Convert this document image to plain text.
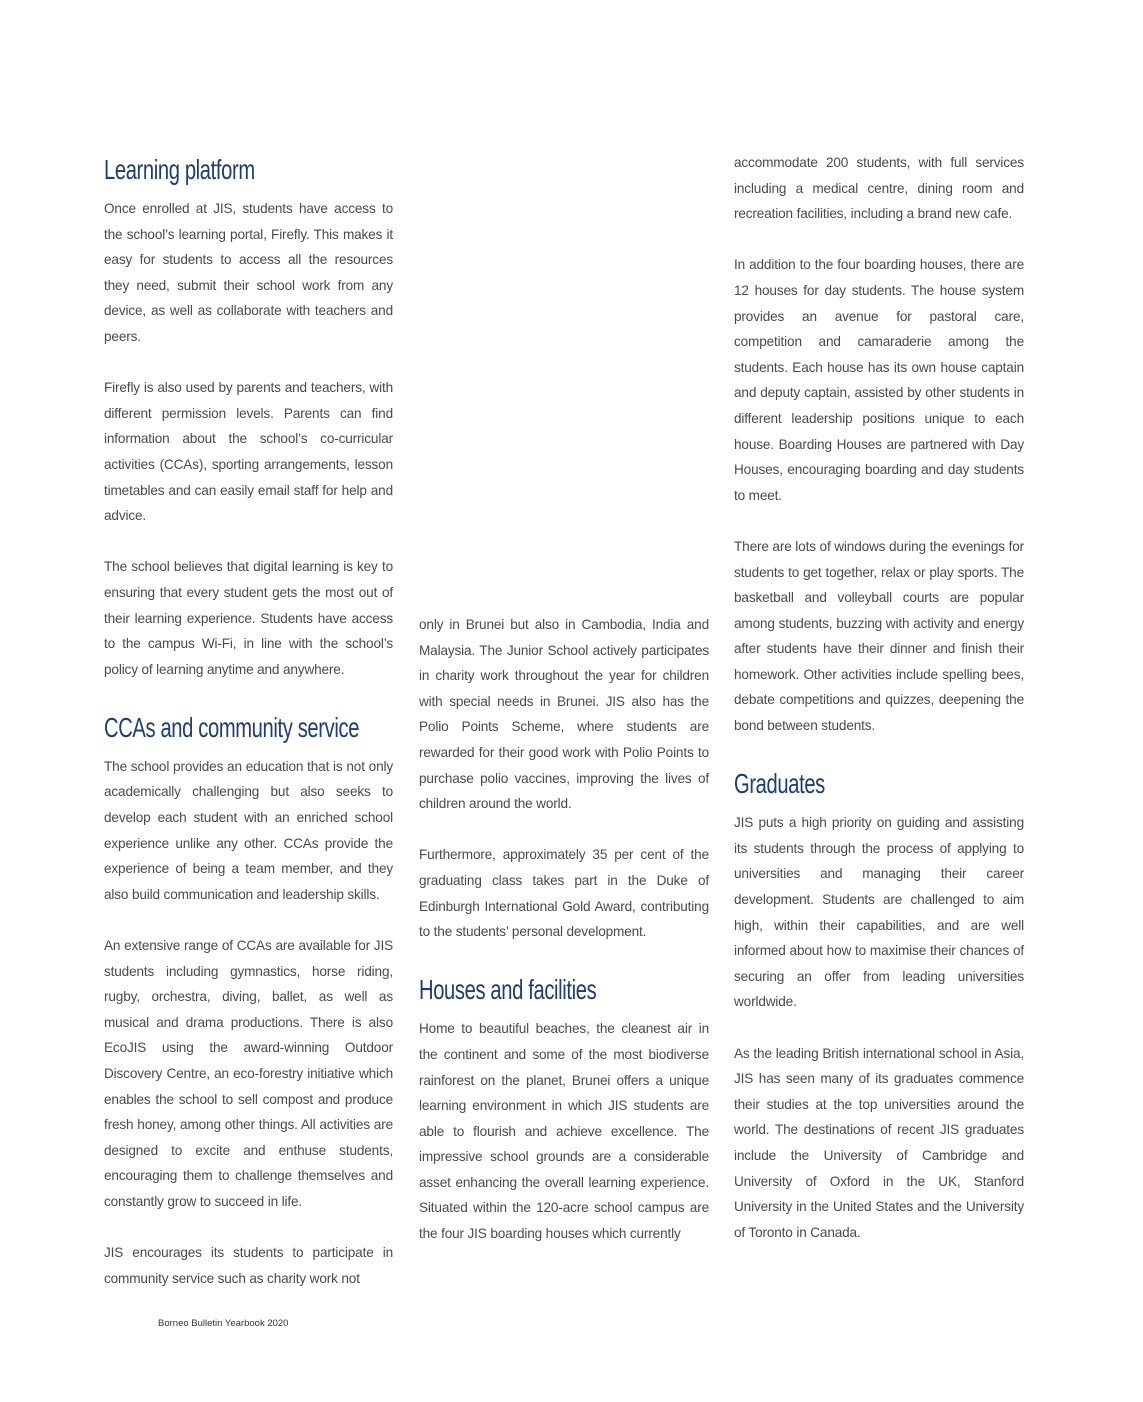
Learning platform

Once enrolled at JIS, students have access to the school’s learning portal, Firefly. This makes it easy for students to access all the resources they need, submit their school work from any device, as well as collaborate with teachers and peers.

Firefly is also used by parents and teachers, with different permission levels. Parents can find information about the school’s co-curricular activities (CCAs), sporting arrangements, lesson timetables and can easily email staff for help and advice.

The school believes that digital learning is key to ensuring that every student gets the most out of their learning experience. Students have access to the campus Wi-Fi, in line with the school’s policy of learning anytime and anywhere.

CCAs and community service

The school provides an education that is not only academically challenging but also seeks to develop each student with an enriched school experience unlike any other. CCAs provide the experience of being a team member, and they also build communication and leadership skills.

An extensive range of CCAs are available for JIS students including gymnastics, horse riding, rugby, orchestra, diving, ballet, as well as musical and drama productions. There is also EcoJIS using the award-winning Outdoor Discovery Centre, an eco-forestry initiative which enables the school to sell compost and produce fresh honey, among other things. All activities are designed to excite and enthuse students, encouraging them to challenge themselves and constantly grow to succeed in life.

JIS encourages its students to participate in community service such as charity work not

only in Brunei but also in Cambodia, India and Malaysia. The Junior School actively participates in charity work throughout the year for children with special needs in Brunei. JIS also has the Polio Points Scheme, where students are rewarded for their good work with Polio Points to purchase polio vaccines, improving the lives of children around the world.

Furthermore, approximately 35 per cent of the graduating class takes part in the Duke of Edinburgh International Gold Award, contributing to the students’ personal development.

Houses and facilities

Home to beautiful beaches, the cleanest air in the continent and some of the most biodiverse rainforest on the planet, Brunei offers a unique learning environment in which JIS students are able to flourish and achieve excellence. The impressive school grounds are a considerable asset enhancing the overall learning experience. Situated within the 120-acre school campus are the four JIS boarding houses which currently

accommodate 200 students, with full services including a medical centre, dining room and recreation facilities, including a brand new cafe.

In addition to the four boarding houses, there are 12 houses for day students. The house system provides an avenue for pastoral care, competition and camaraderie among the students. Each house has its own house captain and deputy captain, assisted by other students in different leadership positions unique to each house. Boarding Houses are partnered with Day Houses, encouraging boarding and day students to meet.

There are lots of windows during the evenings for students to get together, relax or play sports. The basketball and volleyball courts are popular among students, buzzing with activity and energy after students have their dinner and finish their homework. Other activities include spelling bees, debate competitions and quizzes, deepening the bond between students.

Graduates

JIS puts a high priority on guiding and assisting its students through the process of applying to universities and managing their career development. Students are challenged to aim high, within their capabilities, and are well informed about how to maximise their chances of securing an offer from leading universities worldwide.

As the leading British international school in Asia, JIS has seen many of its graduates commence their studies at the top universities around the world. The destinations of recent JIS graduates include the University of Cambridge and University of Oxford in the UK, Stanford University in the United States and the University of Toronto in Canada.

Borneo Bulletin Yearbook 2020
